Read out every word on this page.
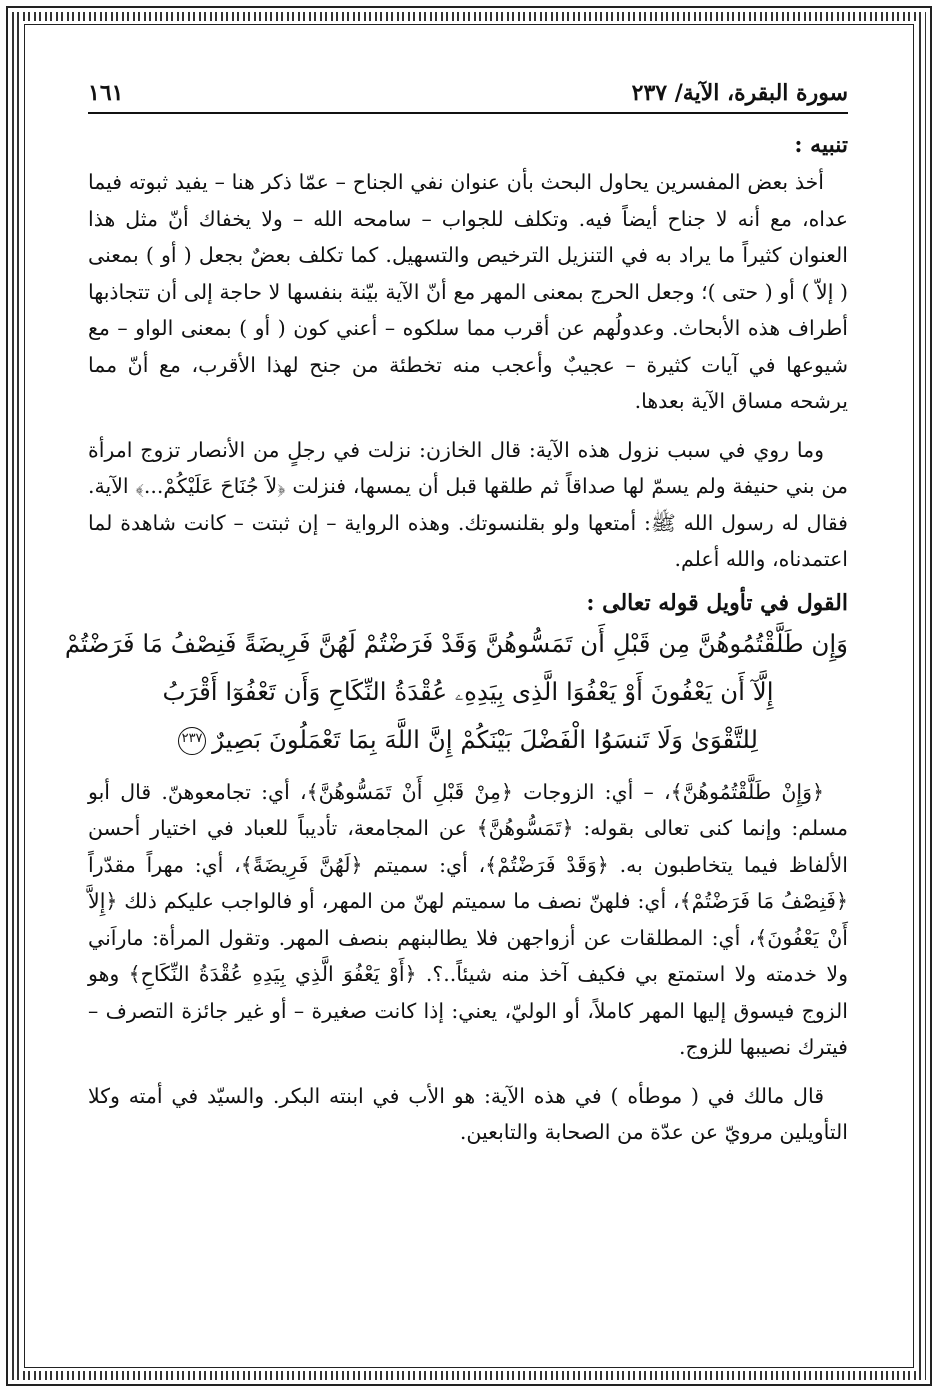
سورة البقرة، الآية/ ٢٣٧
١٦١
تنبيه :

أخذ بعض المفسرين يحاول البحث بأن عنوان نفي الجناح – عمّا ذكر هنا – يفيد ثبوته فيما عداه، مع أنه لا جناح أيضاً فيه. وتكلف للجواب – سامحه الله – ولا يخفاك أنّ مثل هذا العنوان كثيراً ما يراد به في التنزيل الترخيص والتسهيل. كما تكلف بعضٌ بجعل ( أو ) بمعنى ( إلاّ ) أو ( حتى )؛ وجعل الحرج بمعنى المهر مع أنّ الآية بيّنة بنفسها لا حاجة إلى أن تتجاذبها أطراف هذه الأبحاث. وعدولُهم عن أقرب مما سلكوه – أعني كون ( أو ) بمعنى الواو – مع شيوعها في آيات كثيرة – عجيبٌ وأعجب منه تخطئة من جنح لهذا الأقرب، مع أنّ مما يرشحه مساق الآية بعدها.

وما روي في سبب نزول هذه الآية: قال الخازن: نزلت في رجلٍ من الأنصار تزوج امرأة من بني حنيفة ولم يسمّ لها صداقاً ثم طلقها قبل أن يمسها، فنزلت ﴿لاَ جُنَاحَ عَلَيْكُمْ...﴾ الآية. فقال له رسول الله ﷺ: أمتعها ولو بقلنسوتك. وهذه الرواية – إن ثبتت – كانت شاهدة لما اعتمدناه، والله أعلم.

القول في تأويل قوله تعالى :
وَإِن طَلَّقْتُمُوهُنَّ مِن قَبْلِ أَن تَمَسُّوهُنَّ وَقَدْ فَرَضْتُمْ لَهُنَّ فَرِيضَةً فَنِصْفُ مَا فَرَضْتُمْ
إِلَّآ أَن يَعْفُونَ أَوْ يَعْفُوَا الَّذِى بِيَدِهِۦ عُقْدَةُ النِّكَاحِ وَأَن تَعْفُوٓا أَقْرَبُ
لِلتَّقْوَىٰ وَلَا تَنسَوُا الْفَضْلَ بَيْنَكُمْ إِنَّ اللَّهَ بِمَا تَعْمَلُونَ بَصِيرٌ٢٣٧

﴿وَإِنْ طَلَّقْتُمُوهُنَّ﴾، – أي: الزوجات ﴿مِنْ قَبْلِ أَنْ تَمَسُّوهُنَّ﴾، أي: تجامعوهنّ. قال أبو مسلم: وإنما كنى تعالى بقوله: ﴿تَمَسُّوهُنَّ﴾ عن المجامعة، تأديباً للعباد في اختيار أحسن الألفاظ فيما يتخاطبون به. ﴿وَقَدْ فَرَضْتُمْ﴾، أي: سميتم ﴿لَهُنَّ فَرِيضَةً﴾، أي: مهراً مقدّراً ﴿فَنِصْفُ مَا فَرَضْتُمْ﴾، أي: فلهنّ نصف ما سميتم لهنّ من المهر، أو فالواجب عليكم ذلك ﴿إِلاَّ أَنْ يَعْفُونَ﴾، أي: المطلقات عن أزواجهن فلا يطالبنهم بنصف المهر. وتقول المرأة: ماراَني ولا خدمته ولا استمتع بي فكيف آخذ منه شيئاً..؟. ﴿أَوْ يَعْفُوَ الَّذِي بِيَدِهِ عُقْدَةُ النِّكَاحِ﴾ وهو الزوج فيسوق إليها المهر كاملاً، أو الوليّ، يعني: إذا كانت صغيرة – أو غير جائزة التصرف – فيترك نصيبها للزوج.

قال مالك في ( موطأه ) في هذه الآية: هو الأب في ابنته البكر. والسيّد في أمته وكلا التأويلين مرويّ عن عدّة من الصحابة والتابعين.
